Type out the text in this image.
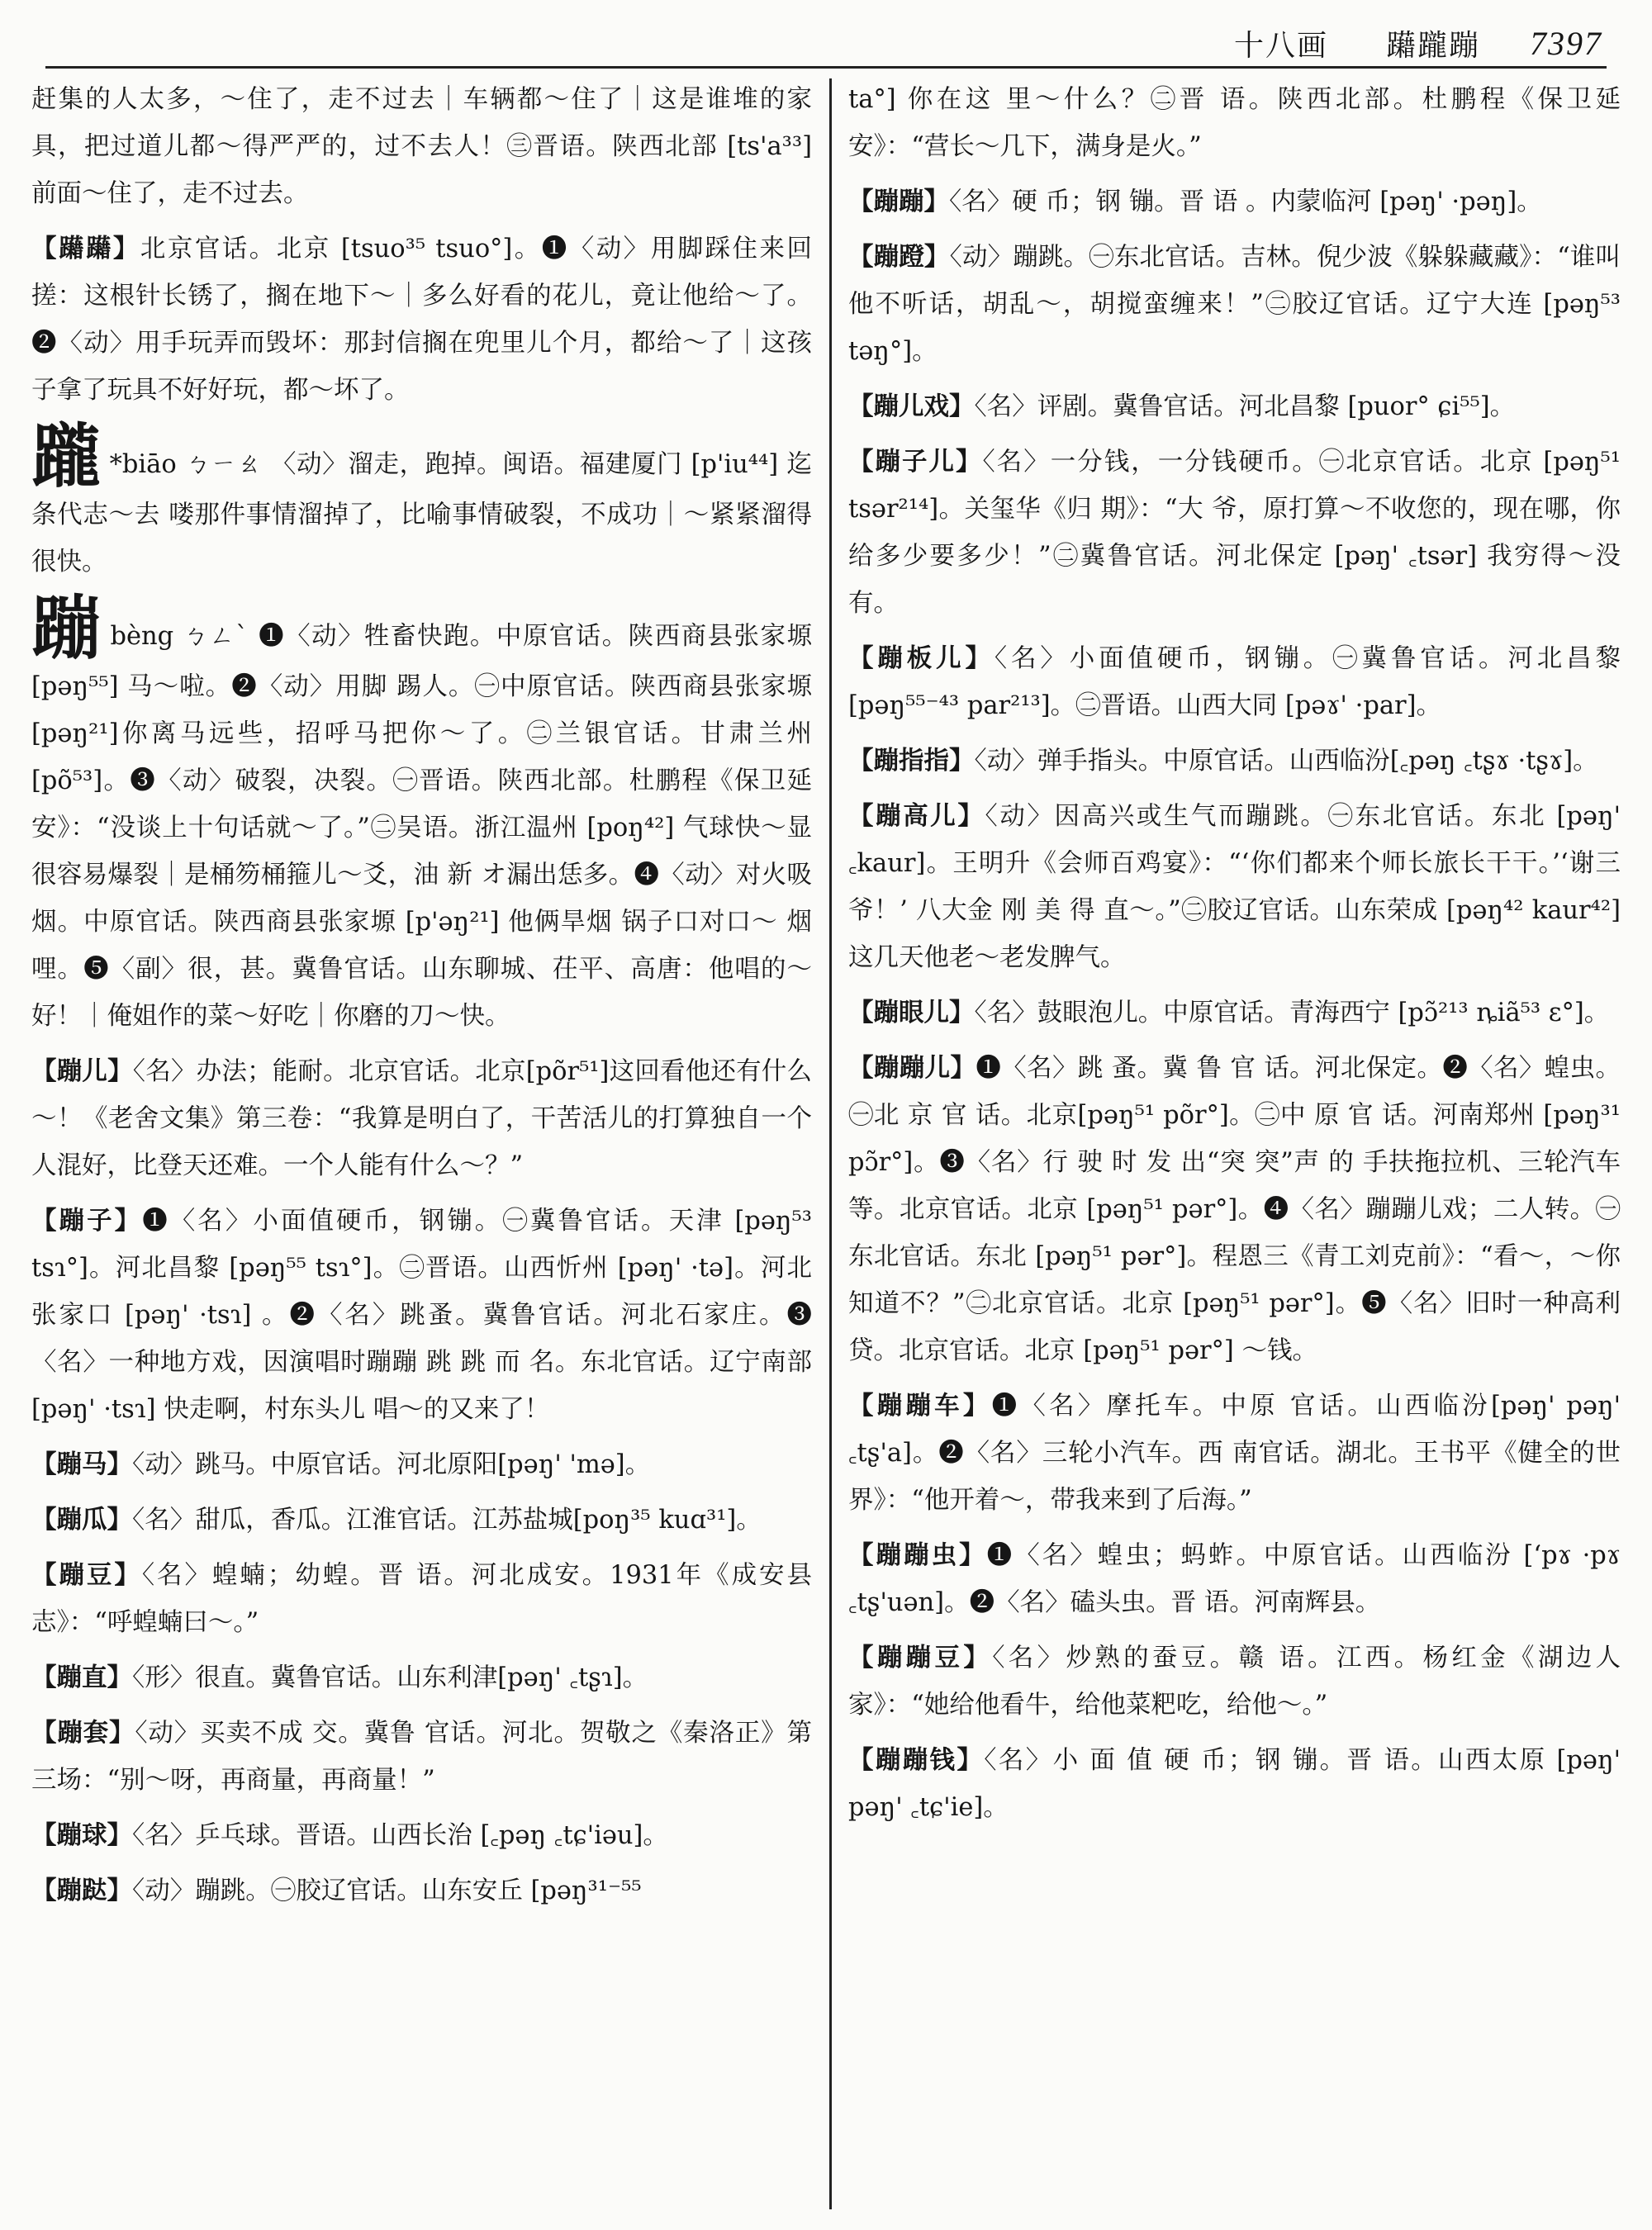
十八画 躤躘蹦 7397
赶集的人太多，～住了，走不过去｜车辆都～住了｜这是谁堆的家具，把过道儿都～得严严的，过不去人！㊂晋语。陕西北部 [ts'a³³] 前面～住了，走不过去。
【躤躤】北京官话。北京 [tsuo³⁵ tsuo°]。❶〈动〉用脚踩住来回搓：这根针长锈了，搁在地下～｜多么好看的花儿，竟让他给～了。❷〈动〉用手玩弄而毁坏：那封信搁在兜里儿个月，都给～了｜这孩子拿了玩具不好好玩，都～坏了。
躘 *biāo ㄅㄧㄠ 〈动〉溜走，跑掉。闽语。福建厦门 [p'iu⁴⁴] 迄条代志～去 喽那件事情溜掉了，比喻事情破裂，不成功｜～紧紧溜得很快。
蹦bèng ㄅㄥˋ ❶〈动〉牲畜快跑。中原官话。陕西商县张家塬 [pəŋ⁵⁵] 马～啦。❷〈动〉用脚 踢人。㊀中原官话。陕西商县张家塬 [pəŋ²¹]你离马远些，招呼马把你～了。㊁兰银官话。甘肃兰州 [põ⁵³]。❸〈动〉破裂，决裂。㊀晋语。陕西北部。杜鹏程《保卫延安》：“没谈上十句话就～了。”㊁吴语。浙江温州 [poŋ⁴²] 气球快～显很容易爆裂｜是桶笏桶箍儿～爻，油 新 オ漏出恁多。❹〈动〉对火吸烟。中原官话。陕西商县张家塬 [p'əŋ²¹] 他俩旱烟 锅子口对口～ 烟哩。❺〈副〉很，甚。冀鲁官话。山东聊城、茌平、高唐：他唱的～好！｜俺姐作的菜～好吃｜你磨的刀～快。
【蹦儿】〈名〉办法；能耐。北京官话。北京[põr⁵¹]这回看他还有什么～！《老舍文集》第三卷：“我算是明白了，干苦活儿的打算独自一个人混好，比登天还难。一个人能有什么～？”
【蹦子】❶〈名〉小面值硬币，钢镚。㊀冀鲁官话。天津 [pəŋ⁵³ tsɿ°]。河北昌黎 [pəŋ⁵⁵ tsɿ°]。㊁晋语。山西忻州 [pəŋ' ·tə]。河北张家口 [pəŋ' ·tsɿ] 。❷〈名〉跳蚤。冀鲁官话。河北石家庄。❸〈名〉一种地方戏，因演唱时蹦蹦 跳 跳 而 名。东北官话。辽宁南部 [pəŋ' ·tsɿ] 快走啊，村东头儿 唱～的又来了！
【蹦马】〈动〉跳马。中原官话。河北原阳[pəŋ' 'mə]。
【蹦瓜】〈名〉甜瓜，香瓜。江淮官话。江苏盐城[poŋ³⁵ kuɑ³¹]。
【蹦豆】〈名〉蝗蝻；幼蝗。晋 语。河北成安。1931年《成安县志》：“呼蝗蝻曰～。”
【蹦直】〈形〉很直。冀鲁官话。山东利津[pəŋ' ꜀tʂɿ]。
【蹦套】〈动〉买卖不成 交。冀鲁 官话。河北。贺敬之《秦洛正》第三场：“别～呀，再商量，再商量！”
【蹦球】〈名〉乒乓球。晋语。山西长治 [꜀pəŋ ꜀tɕ'iəu]。
【蹦跶】〈动〉蹦跳。㊀胶辽官话。山东安丘 [pəŋ³¹⁻⁵⁵
ta°] 你在这 里～什么？㊁晋 语。陕西北部。杜鹏程《保卫延安》：“营长～几下，满身是火。”
【蹦蹦】〈名〉硬 币；钢 镚。晋 语 。内蒙临河 [pəŋ' ·pəŋ]。
【蹦蹬】〈动〉蹦跳。㊀东北官话。吉林。倪少波《躲躲藏藏》：“谁叫他不听话，胡乱～，胡搅蛮缠来！”㊁胶辽官话。辽宁大连 [pəŋ⁵³ təŋ°]。
【蹦儿戏】〈名〉评剧。冀鲁官话。河北昌黎 [puor° ɕi⁵⁵]。
【蹦子儿】〈名〉一分钱，一分钱硬币。㊀北京官话。北京 [pəŋ⁵¹ tsər²¹⁴]。关玺华《归 期》：“大 爷，原打算～不收您的，现在哪，你给多少要多少！”㊁冀鲁官话。河北保定 [pəŋ' ꜀tsər] 我穷得～没有。
【蹦板儿】〈名〉小面值硬币，钢镚。㊀冀鲁官话。河北昌黎 [pəŋ⁵⁵⁻⁴³ par²¹³]。㊁晋语。山西大同 [pəɤ' ·par]。
【蹦指指】〈动〉弹手指头。中原官话。山西临汾[꜀pəŋ ꜀tʂɤ ·tʂɤ]。
【蹦高儿】〈动〉因高兴或生气而蹦跳。㊀东北官话。东北 [pəŋ' ꜀kaur]。王明升《会师百鸡宴》：“‘你们都来个师长旅长干干。’‘谢三爷！’ 八大金 刚 美 得 直～。”㊁胶辽官话。山东荣成 [pəŋ⁴² kaur⁴²] 这几天他老～老发脾气。
【蹦眼儿】〈名〉鼓眼泡儿。中原官话。青海西宁 [pɔ̃²¹³ ȵiã⁵³ ɛ°]。
【蹦蹦儿】❶〈名〉跳 蚤。冀 鲁 官 话。河北保定。❷〈名〉蝗虫。㊀北 京 官 话。北京[pəŋ⁵¹ põr°]。㊁中 原 官 话。河南郑州 [pəŋ³¹ pɔ̃r°]。❸〈名〉行 驶 时 发 出“突 突”声 的 手扶拖拉机、三轮汽车等。北京官话。北京 [pəŋ⁵¹ pər°]。❹〈名〉蹦蹦儿戏；二人转。㊀东北官话。东北 [pəŋ⁵¹ pər°]。程恩三《青工刘克前》：“看～，～你知道不？”㊁北京官话。北京 [pəŋ⁵¹ pər°]。❺〈名〉旧时一种高利贷。北京官话。北京 [pəŋ⁵¹ pər°] ～钱。
【蹦蹦车】❶〈名〉摩托车。中原 官话。山西临汾[pəŋ' pəŋ' ꜀tʂ'a]。❷〈名〉三轮小汽车。西 南官话。湖北。王书平《健全的世界》：“他开着～，带我来到了后海。”
【蹦蹦虫】❶〈名〉蝗虫；蚂蚱。中原官话。山西临汾 [ʻpɤ ·pɤ ꜀tʂ'uən]。❷〈名〉磕头虫。晋 语。河南辉县。
【蹦蹦豆】〈名〉炒熟的蚕豆。赣 语。江西。杨红金《湖边人家》：“她给他看牛，给他菜粑吃，给他～。”
【蹦蹦钱】〈名〉小 面 值 硬 币；钢 镚。晋 语。山西太原 [pəŋ' pəŋ' ꜀tɕ'ie]。
